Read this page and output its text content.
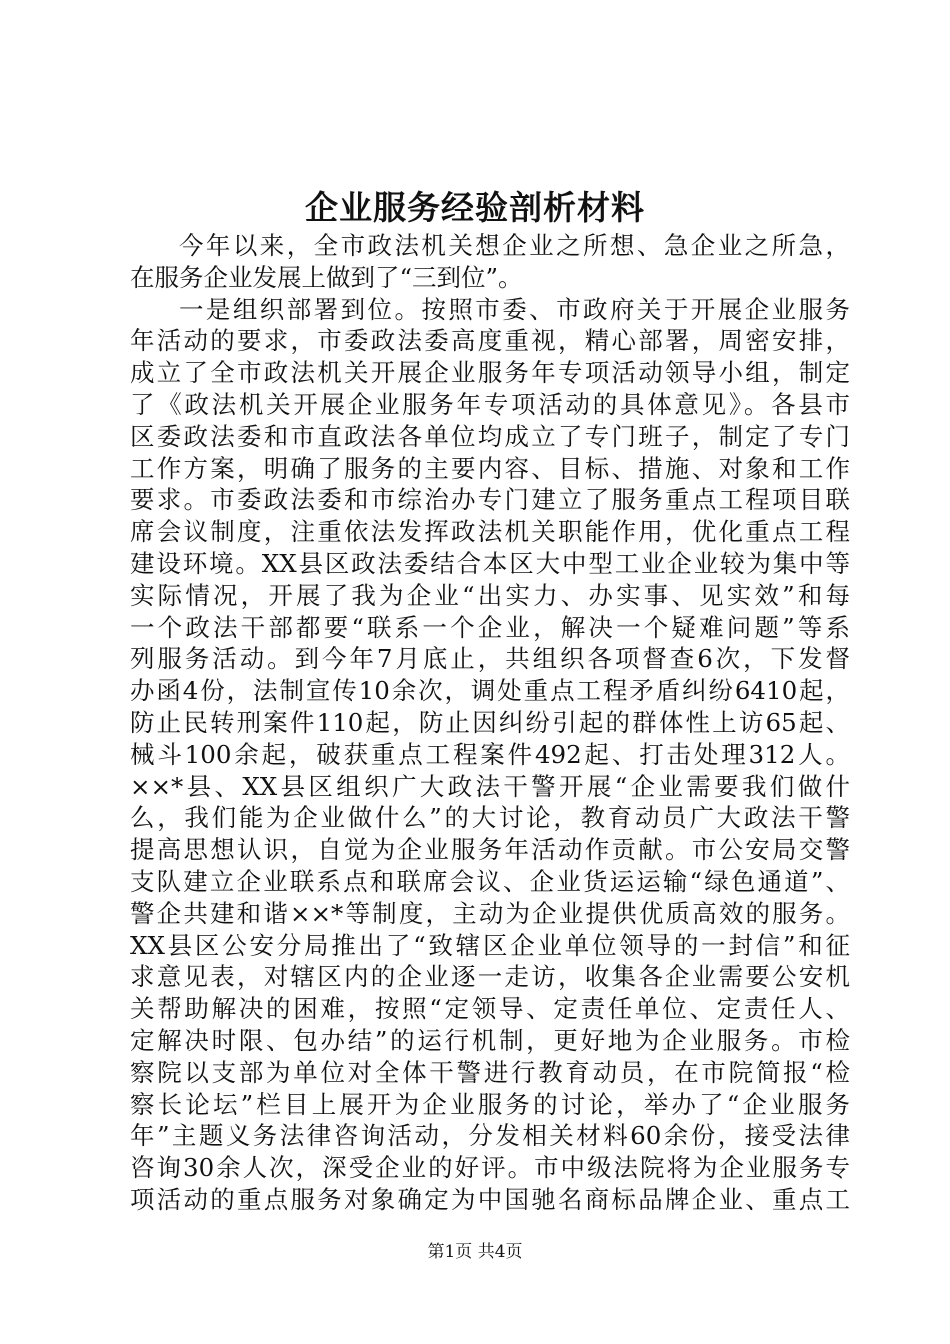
企业服务经验剖析材料
今年以来，全市政法机关想企业之所想、急企业之所急，
在服务企业发展上做到了“三到位”。
一是组织部署到位。按照市委、市政府关于开展企业服务
年活动的要求，市委政法委高度重视，精心部署，周密安排，
成立了全市政法机关开展企业服务年专项活动领导小组，制定
了《政法机关开展企业服务年专项活动的具体意见》。各县市
区委政法委和市直政法各单位均成立了专门班子，制定了专门
工作方案，明确了服务的主要内容、目标、措施、对象和工作
要求。市委政法委和市综治办专门建立了服务重点工程项目联
席会议制度，注重依法发挥政法机关职能作用，优化重点工程
建设环境。XX县区政法委结合本区大中型工业企业较为集中等
实际情况，开展了我为企业“出实力、办实事、见实效”和每
一个政法干部都要“联系一个企业，解决一个疑难问题”等系
列服务活动。到今年7月底止，共组织各项督查6次，下发督
办函4份，法制宣传10余次，调处重点工程矛盾纠纷6410起，
防止民转刑案件110起，防止因纠纷引起的群体性上访65起、
械斗100余起，破获重点工程案件492起、打击处理312人。
××*县、XX县区组织广大政法干警开展“企业需要我们做什
么，我们能为企业做什么”的大讨论，教育动员广大政法干警
提高思想认识，自觉为企业服务年活动作贡献。市公安局交警
支队建立企业联系点和联席会议、企业货运运输“绿色通道”、
警企共建和谐××*等制度，主动为企业提供优质高效的服务。
XX县区公安分局推出了“致辖区企业单位领导的一封信”和征
求意见表，对辖区内的企业逐一走访，收集各企业需要公安机
关帮助解决的困难，按照“定领导、定责任单位、定责任人、
定解决时限、包办结”的运行机制，更好地为企业服务。市检
察院以支部为单位对全体干警进行教育动员，在市院简报“检
察长论坛”栏目上展开为企业服务的讨论，举办了“企业服务
年”主题义务法律咨询活动，分发相关材料60余份，接受法律
咨询30余人次，深受企业的好评。市中级法院将为企业服务专
项活动的重点服务对象确定为中国驰名商标品牌企业、重点工
第1页 共4页
